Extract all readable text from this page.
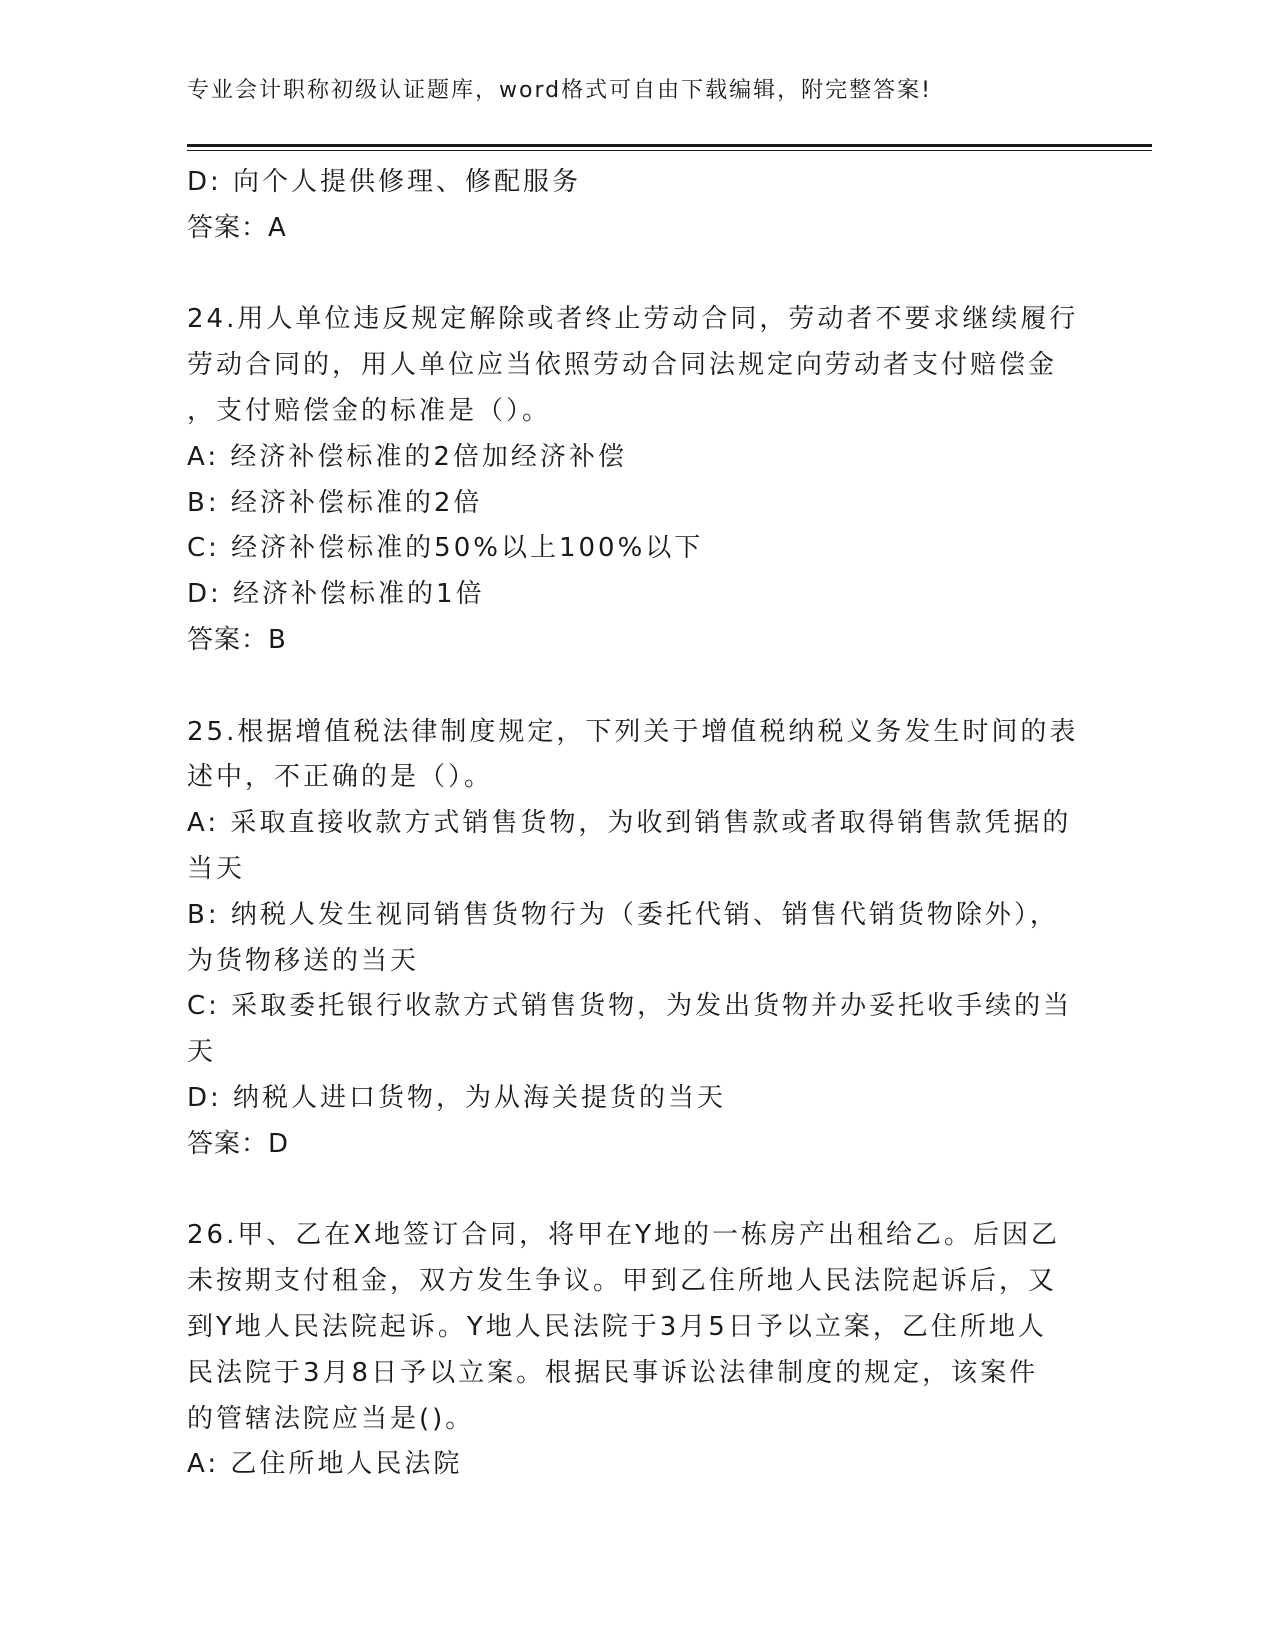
专业会计职称初级认证题库，word格式可自由下载编辑，附完整答案!
D: 向个人提供修理、修配服务
答案：A
24.用人单位违反规定解除或者终止劳动合同，劳动者不要求继续履行
劳动合同的，用人单位应当依照劳动合同法规定向劳动者支付赔偿金
，支付赔偿金的标准是（）。
A: 经济补偿标准的2倍加经济补偿
B: 经济补偿标准的2倍
C: 经济补偿标准的50%以上100%以下
D: 经济补偿标准的1倍
答案：B
25.根据增值税法律制度规定，下列关于增值税纳税义务发生时间的表
述中，不正确的是（）。
A: 采取直接收款方式销售货物，为收到销售款或者取得销售款凭据的
当天
B: 纳税人发生视同销售货物行为（委托代销、销售代销货物除外），
为货物移送的当天
C: 采取委托银行收款方式销售货物，为发出货物并办妥托收手续的当
天
D: 纳税人进口货物，为从海关提货的当天
答案：D
26.甲、乙在X地签订合同，将甲在Y地的一栋房产出租给乙。后因乙
未按期支付租金，双方发生争议。甲到乙住所地人民法院起诉后，又
到Y地人民法院起诉。Y地人民法院于3月5日予以立案，乙住所地人
民法院于3月8日予以立案。根据民事诉讼法律制度的规定，该案件
的管辖法院应当是()。
A: 乙住所地人民法院
